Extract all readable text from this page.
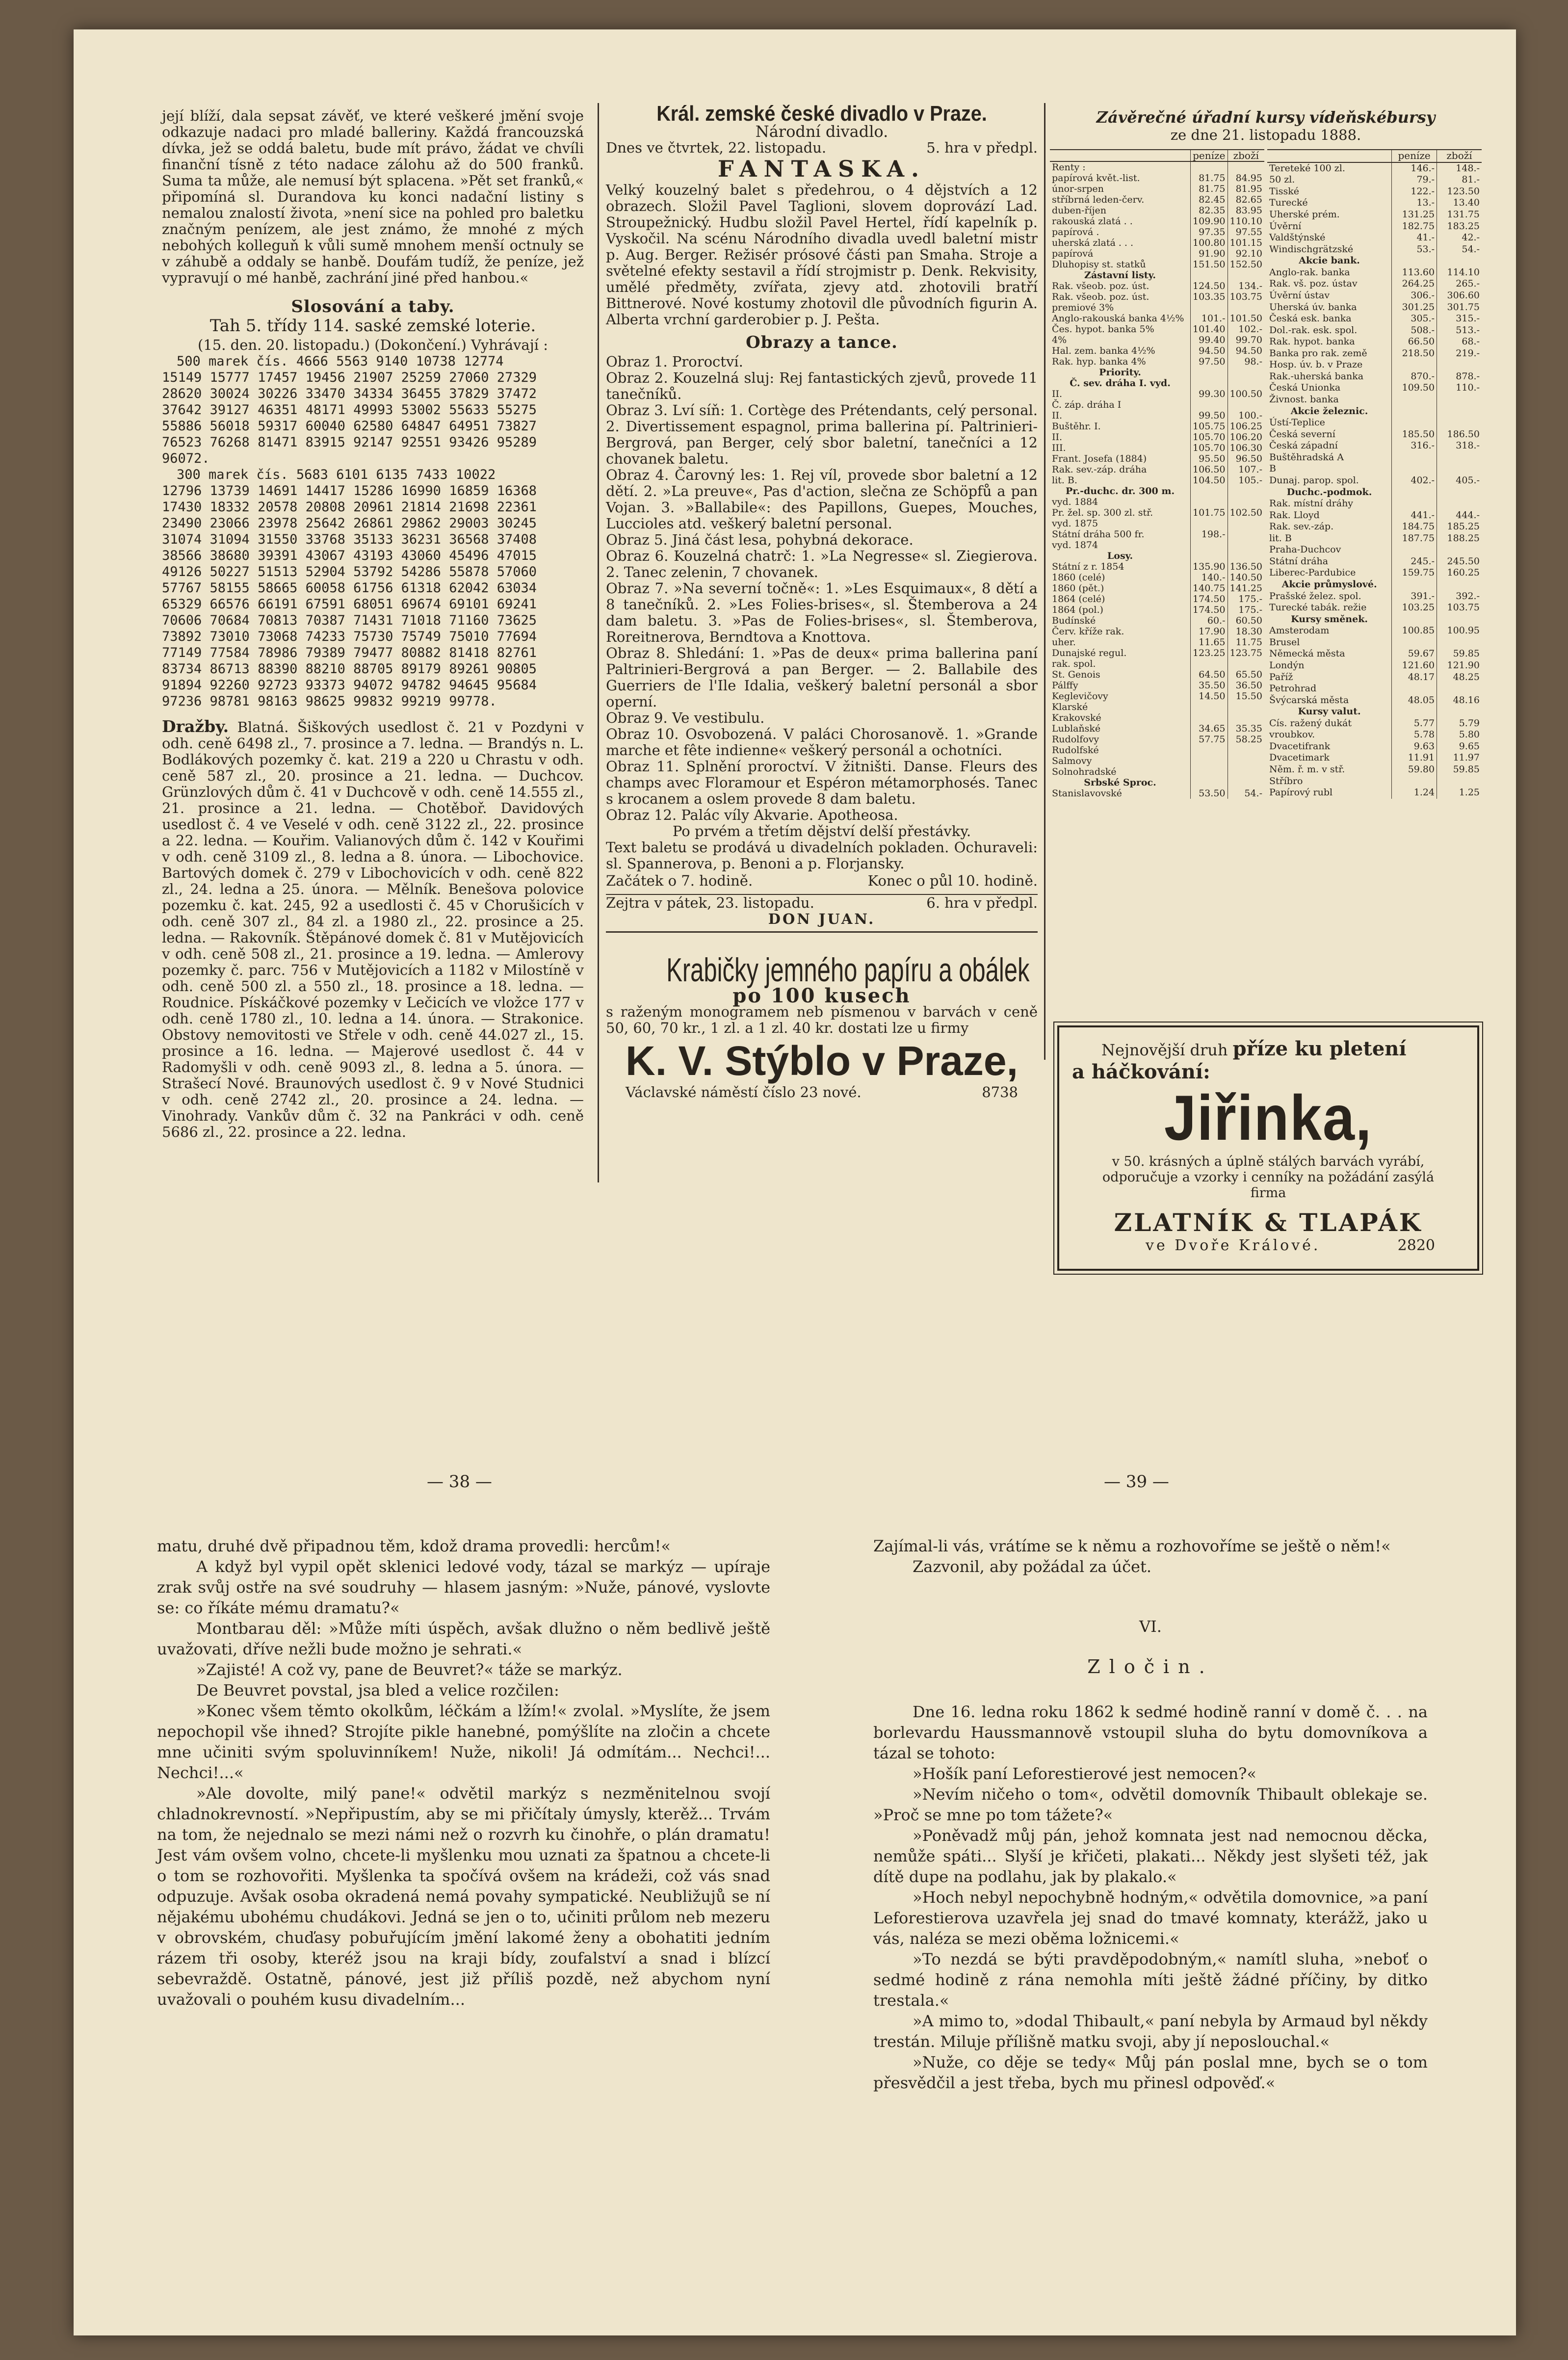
její blíží, dala sepsat závěť, ve které veškeré jmění svoje odkazuje nadaci pro mladé balleriny. Každá francouzská dívka, jež se oddá baletu, bude mít právo, žádat ve chvíli finanční tísně z této nadace zálohu až do 500 franků. Suma ta může, ale nemusí být splacena. »Pět set franků,« připomíná sl. Durandova ku konci nadační listiny s nemalou znalostí života, »není sice na pohled pro baletku značným penízem, ale jest známo, že mnohé z mých nebohých kolleguň k vůli sumě mnohem menší octnuly se v záhubě a oddaly se hanbě. Doufám tudíž, že peníze, jež vypravují o mé hanbě, zachrání jiné před hanbou.«

Slosování a taby.
Tah 5. třídy 114. saské zemské loterie.
(15. den. 20. listopadu.) (Dokončení.) Vyhrávají :
500 marek čís. 4666 5563 9140 10738 12774
15149 15777 17457 19456 21907 25259 27060 27329
28620 30024 30226 33470 34334 36455 37829 37472
37642 39127 46351 48171 49993 53002 55633 55275
55886 56018 59317 60040 62580 64847 64951 73827
76523 76268 81471 83915 92147 92551 93426 95289
96072.
300 marek čís. 5683 6101 6135 7433 10022
12796 13739 14691 14417 15286 16990 16859 16368
17430 18332 20578 20808 20961 21814 21698 22361
23490 23066 23978 25642 26861 29862 29003 30245
31074 31094 31550 33768 35133 36231 36568 37408
38566 38680 39391 43067 43193 43060 45496 47015
49126 50227 51513 52904 53792 54286 55878 57060
57767 58155 58665 60058 61756 61318 62042 63034
65329 66576 66191 67591 68051 69674 69101 69241
70606 70684 70813 70387 71431 71018 71160 73625
73892 73010 73068 74233 75730 75749 75010 77694
77149 77584 78986 79389 79477 80882 81418 82761
83734 86713 88390 88210 88705 89179 89261 90805
91894 92260 92723 93373 94072 94782 94645 95684
97236 98781 98163 98625 99832 99219 99778.

Dražby. Blatná. Šiškových usedlost č. 21 v Pozdyni v odh. ceně 6498 zl., 7. prosince a 7. ledna. — Brandýs n. L. Bodlákových pozemky č. kat. 219 a 220 u Chrastu v odh. ceně 587 zl., 20. prosince a 21. ledna. — Duchcov. Grünzlových dům č. 41 v Duchcově v odh. ceně 14.555 zl., 21. prosince a 21. ledna. — Chotěboř. Davidových usedlost č. 4 ve Veselé v odh. ceně 3122 zl., 22. prosince a 22. ledna. — Kouřim. Valianových dům č. 142 v Kouřimi v odh. ceně 3109 zl., 8. ledna a 8. února. — Libochovice. Bartových domek č. 279 v Libochovicích v odh. ceně 822 zl., 24. ledna a 25. února. — Mělník. Benešova polovice pozemku č. kat. 245, 92 a usedlosti č. 45 v Chorušicích v odh. ceně 307 zl., 84 zl. a 1980 zl., 22. prosince a 25. ledna. — Rakovník. Štěpánové domek č. 81 v Mutějovicích v odh. ceně 508 zl., 21. prosince a 19. ledna. — Amlerovy pozemky č. parc. 756 v Mutějovicích a 1182 v Milostíně v odh. ceně 500 zl. a 550 zl., 18. prosince a 18. ledna. — Roudnice. Pískáčkové pozemky v Lečicích ve vložce 177 v odh. ceně 1780 zl., 10. ledna a 14. února. — Strakonice. Obstovy nemovitosti ve Střele v odh. ceně 44.027 zl., 15. prosince a 16. ledna. — Majerové usedlost č. 44 v Radomyšli v odh. ceně 9093 zl., 8. ledna a 5. února. — Strašecí Nové. Braunových usedlost č. 9 v Nové Studnici v odh. ceně 2742 zl., 20. prosince a 24. ledna. — Vinohrady. Vankův dům č. 32 na Pankráci v odh. ceně 5686 zl., 22. prosince a 22. ledna.

Král. zemské české divadlo v Praze.
Národní divadlo.
Dnes ve čtvrtek, 22. listopadu.	5. hra v předpl.
FANTASKA.

Velký kouzelný balet s předehrou, o 4 dějstvích a 12 obrazech. Složil Pavel Taglioni, slovem doprovází Lad. Stroupežnický. Hudbu složil Pavel Hertel, řídí kapelník p. Vyskočil. Na scénu Národního divadla uvedl baletní mistr p. Aug. Berger. Režisér prósové části pan Smaha. Stroje a světelné efekty sestavil a řídí strojmistr p. Denk. Rekvisity, umělé předměty, zvířata, zjevy atd. zhotovili bratří Bittnerové. Nové kostumy zhotovil dle původních figurin A. Alberta vrchní garderobier p. J. Pešta.

Obrazy a tance.
Obraz 1. Proroctví.
Obraz 2. Kouzelná sluj: Rej fantastických zjevů, provede 11 tanečníků.
Obraz 3. Lví síň: 1. Cortège des Prétendants, celý personal. 2. Divertissement espagnol, prima ballerina pí. Paltrinieri-Bergrová, pan Berger, celý sbor baletní, tanečníci a 12 chovanek baletu.
Obraz 4. Čarovný les: 1. Rej víl, provede sbor baletní a 12 dětí. 2. »La preuve«, Pas d'action, slečna ze Schöpfů a pan Vojan. 3. »Ballabile«: des Papillons, Guepes, Mouches, Luccioles atd. veškerý baletní personal.
Obraz 5. Jiná část lesa, pohybná dekorace.
Obraz 6. Kouzelná chatrč: 1. »La Negresse« sl. Ziegierova. 2. Tanec zelenin, 7 chovanek.
Obraz 7. »Na severní točně«: 1. »Les Esquimaux«, 8 dětí a 8 tanečníků. 2. »Les Folies-brises«, sl. Štemberova a 24 dam baletu. 3. »Pas de Folies-brises«, sl. Štemberova, Roreitnerova, Berndtova a Knottova.
Obraz 8. Shledání: 1. »Pas de deux« prima ballerina paní Paltrinieri-Bergrová a pan Berger. — 2. Ballabile des Guerriers de l'Ile Idalia, veškerý baletní personál a sbor operní.
Obraz 9. Ve vestibulu.
Obraz 10. Osvobozená. V paláci Chorosanově. 1. »Grande marche et fête indienne« veškerý personál a ochotníci.
Obraz 11. Splnění proroctví. V žitništi. Danse. Fleurs des champs avec Floramour et Espéron métamorphosés. Tanec s krocanem a oslem provede 8 dam baletu.
Obraz 12. Palác víly Akvarie. Apotheosa.
Po prvém a třetím dějství delší přestávky.

Text baletu se prodává u divadelních pokladen. Ochuraveli: sl. Spannerova, p. Benoni a p. Florjansky.

Začátek o 7. hodině.	Konec o půl 10. hodině.
Zejtra v pátek, 23. listopadu.	6. hra v předpl.
DON JUAN.
Krabičky jemného papíru a obálek
po 100 kusech

s raženým monogramem neb písmenou v barvách v ceně 50, 60, 70 kr., 1 zl. a 1 zl. 40 kr. dostati lze u firmy

K. V. Stýblo v Praze,
Václavské náměstí číslo 23 nové.	8738
Závěrečné úřadní kursy vídeňskébursy
ze dne 21. listopadu 1888.
	peníze	zboží
Renty :		
papírová květ.-list.	81.75	84.95
únor-srpen	81.75	81.95
stříbrná leden-červ.	82.45	82.65
duben-říjen	82.35	83.95
rakouská zlatá . .	109.90	110.10
papírová .	97.35	97.55
uherská zlatá . . .	100.80	101.15
papírová	91.90	92.10
Dluhopisy st. statků	151.50	152.50
Zástavní listy.		
Rak. všeob. poz. úst.	124.50	134.-
Rak. všeob. poz. úst. premiové 3%	103.35	103.75
Anglo-rakouská banka 4½%	101.-	101.50
Čes. hypot. banka 5%	101.40	102.-
4%	99.40	99.70
Hal. zem. banka 4½%	94.50	94.50
Rak. hyp. banka 4%	97.50	98.-
Priority.		
Č. sev. dráha I. vyd.		
II.	99.30	100.50
Č. záp. dráha I		
II.	99.50	100.-
Buštěhr. I.	105.75	106.25
II.	105.70	106.20
III.	105.70	106.30
Frant. Josefa (1884)	95.50	96.50
Rak. sev.-záp. dráha	106.50	107.-
lit. B.	104.50	105.-
Pr.-duchc. dr. 300 m.		
vyd. 1884		
Pr. žel. sp. 300 zl. stř.	101.75	102.50
vyd. 1875		
Státní dráha 500 fr.	198.-	
vyd. 1874		
Losy.		
Státní z r. 1854	135.90	136.50
1860 (celé)	140.-	140.50
1860 (pět.)	140.75	141.25
1864 (celé)	174.50	175.-
1864 (pol.)	174.50	175.-
Budínské	60.-	60.50
Červ. kříže rak.	17.90	18.30
uher.	11.65	11.75
Dunajské regul.	123.25	123.75
rak. spol.		
St. Genois	64.50	65.50
Pálffy	35.50	36.50
Keglevičovy	14.50	15.50
Klarské		
Krakovské		
Lublaňské	34.65	35.35
Rudolfovy	57.75	58.25
Rudolfské		
Salmovy		
Solnohradské		
Srbské Sproc.		
Stanislavovské	53.50	54.-
	peníze	zboží
Tereteké 100 zl.	146.-	148.-
50 zl.	79.-	81.-
Tisské	122.-	123.50
Turecké	13.-	13.40
Uherské prém.	131.25	131.75
Úvěrní	182.75	183.25
Valdštýnské	41.-	42.-
Windischgrätzské	53.-	54.-
Akcie bank.		
Anglo-rak. banka	113.60	114.10
Rak. vš. poz. ústav	264.25	265.-
Úvěrní ústav	306.-	306.60
Uherská úv. banka	301.25	301.75
Česká esk. banka	305.-	315.-
Dol.-rak. esk. spol.	508.-	513.-
Rak. hypot. banka	66.50	68.-
Banka pro rak. země	218.50	219.-
Hosp. úv. b. v Praze		
Rak.-uherská banka	870.-	878.-
Česká Unionka	109.50	110.-
Živnost. banka		
Akcie železnic.		
Ústí-Teplice		
Česká severní	185.50	186.50
Česká západní	316.-	318.-
Buštěhradská A		
B		
Dunaj. parop. spol.	402.-	405.-
Duchc.-podmok.		
Rak. místní dráhy		
Rak. Lloyd	441.-	444.-
Rak. sev.-záp.	184.75	185.25
lit. B	187.75	188.25
Praha-Duchcov		
Státní dráha	245.-	245.50
Liberec-Pardubice	159.75	160.25
Akcie průmyslové.		
Prašské želez. spol.	391.-	392.-
Turecké tabák. režie	103.25	103.75
Kursy směnek.		
Amsterodam	100.85	100.95
Brusel		
Německá města	59.67	59.85
Londýn	121.60	121.90
Paříž	48.17	48.25
Petrohrad		
Švýcarská města	48.05	48.16
Kursy valut.		
Cís. ražený dukát	5.77	5.79
vroubkov.	5.78	5.80
Dvacetifrank	9.63	9.65
Dvacetimark	11.91	11.97
Něm. ř. m. v stř.	59.80	59.85
Stříbro		
Papírový rubl	1.24	1.25
Nejnovější druh příze ku pletení
a háčkování:
Jiřinka,

v 50. krásných a úplně stálých barvách vyrábí, odporučuje a vzorky i cenníky na požádání zasýlá firma

ZLATNÍK & TLAPÁK
ve Dvoře Králové.	2820
— 38 —	— 39 —

matu, druhé dvě připadnou těm, kdož drama provedli: hercům!«

A když byl vypil opět sklenici ledové vody, tázal se markýz — upíraje zrak svůj ostře na své soudruhy — hlasem jasným: »Nuže, pánové, vyslovte se: co říkáte mému dramatu?«

Montbarau děl: »Může míti úspěch, avšak dlužno o něm bedlivě ještě uvažovati, dříve nežli bude možno je sehrati.«

»Zajisté! A což vy, pane de Beuvret?« táže se markýz.

De Beuvret povstal, jsa bled a velice rozčilen:

»Konec všem těmto okolkům, léčkám a lžím!« zvolal. »Myslíte, že jsem nepochopil vše ihned? Strojíte pikle hanebné, pomýšlíte na zločin a chcete mne učiniti svým spoluvinníkem! Nuže, nikoli! Já odmítám... Nechci!... Nechci!...«

»Ale dovolte, milý pane!« odvětil markýz s nezměnitelnou svojí chladnokrevností. »Nepřipustím, aby se mi přičítaly úmysly, kterěž... Trvám na tom, že nejednalo se mezi námi než o rozvrh ku činohře, o plán dramatu! Jest vám ovšem volno, chcete-li myšlenku mou uznati za špatnou a chcete-li o tom se rozhovořiti. Myšlenka ta spočívá ovšem na krádeži, což vás snad odpuzuje. Avšak osoba okradená nemá povahy sympatické. Neubližujů se ní nějakému ubohému chudákovi. Jedná se jen o to, učiniti průlom neb mezeru v obrovském, chuďasy pobuřujícím jmění lakomé ženy a obohatiti jedním rázem tři osoby, kteréž jsou na kraji bídy, zoufalství a snad i blízcí sebevraždě. Ostatně, pánové, jest již příliš pozdě, než abychom nyní uvažovali o pouhém kusu divadelním...

Zajímal-li vás, vrátíme se k němu a rozhovoříme se ještě o něm!«

Zazvonil, aby požádal za účet.

VI.
Zločin.

Dne 16. ledna roku 1862 k sedmé hodině ranní v domě č. . . na borlevardu Haussmannově vstoupil sluha do bytu domovníkova a tázal se tohoto:

»Hošík paní Leforestierové jest nemocen?«

»Nevím ničeho o tom«, odvětil domovník Thibault oblekaje se. »Proč se mne po tom tážete?«

»Poněvadž můj pán, jehož komnata jest nad nemocnou děcka, nemůže spáti... Slyší je křičeti, plakati... Někdy jest slyšeti též, jak dítě dupe na podlahu, jak by plakalo.«

»Hoch nebyl nepochybně hodným,« odvětila domovnice, »a paní Leforestierova uzavřela jej snad do tmavé komnaty, kterážž, jako u vás, naléza se mezi oběma ložnicemi.«

»To nezdá se býti pravděpodobným,« namítl sluha, »neboť o sedmé hodině z rána nemohla míti ještě žádné příčiny, by ditko trestala.«

»A mimo to, »dodal Thibault,« paní nebyla by Armaud byl někdy trestán. Miluje přílišně matku svoji, aby jí neposlouchal.«

»Nuže, co děje se tedy« Můj pán poslal mne, bych se o tom přesvědčil a jest třeba, bych mu přinesl odpověď.«
